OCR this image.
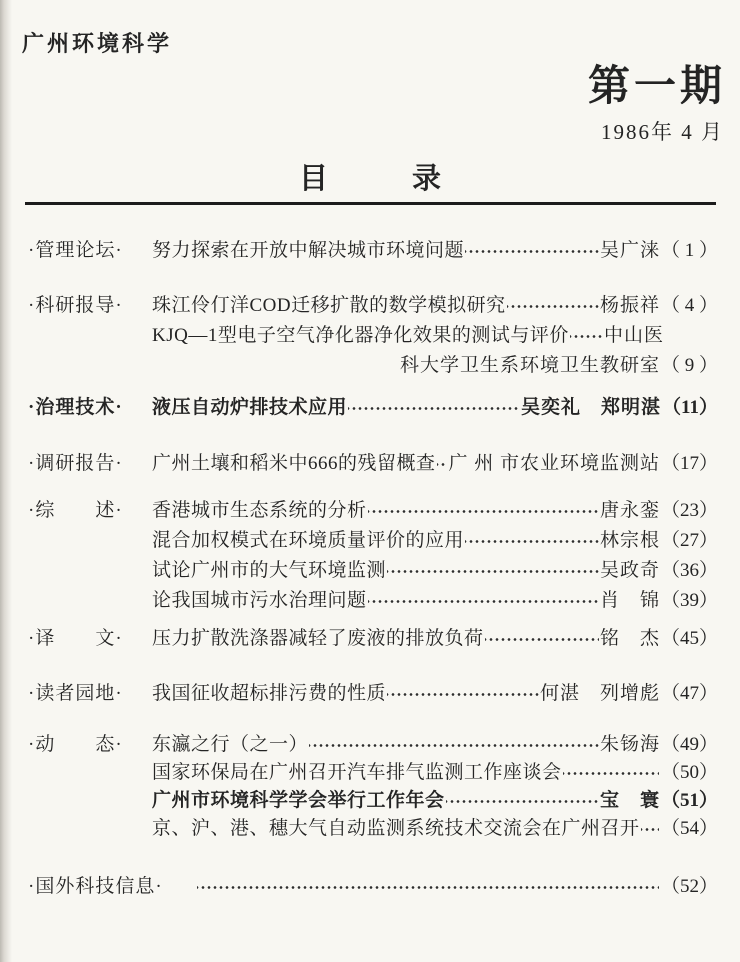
广州环境科学
第一期
1986年 4 月
目录
·管理论坛·	努力探索在开放中解决城市环境问题	吴广涞 （ 1 ）
·科研报导·	珠江伶仃洋COD迁移扩散的数学模拟研究	杨振祥 （ 4 ）
KJQ—1型电子空气净化器净化效果的测试与评价 中山医
科大学卫生系环境卫生教研室 （ 9 ）
·治理技术·	液压自动炉排技术应用	吴奕礼　郑明湛 （11）
·调研报告·	广州土壤和稻米中666的残留概查 广 州 市农业环境监测站 （17）
·综　　述·	香港城市生态系统的分析	唐永銮 （23）
混合加权模式在环境质量评价的应用	林宗根 （27）
试论广州市的大气环境监测	吴政奇 （36）
论我国城市污水治理问题	肖　锦 （39）
·译　　文·	压力扩散洗涤器减轻了废液的排放负荷	铭　杰 （45）
·读者园地·	我国征收超标排污费的性质	何湛　列增彪 （47）
·动　　态·	东瀛之行（之一）	朱钖海 （49）
国家环保局在广州召开汽车排气监测工作座谈会	（50）
广州市环境科学学会举行工作年会	宝　寰 （51）
京、沪、港、穗大气自动监测系统技术交流会在广州召开 （54）
·国外科技信息·	（52）
